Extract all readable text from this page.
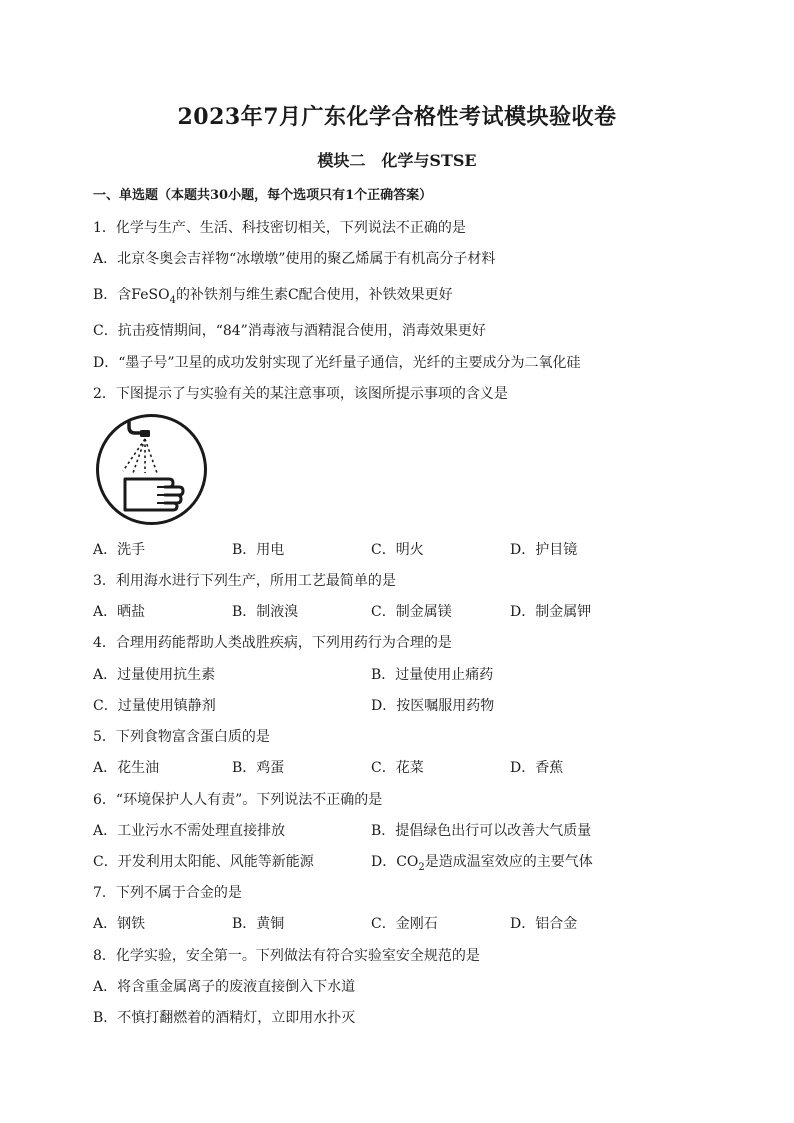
2023年7月广东化学合格性考试模块验收卷
模块二　化学与STSE
一、单选题（本题共30小题，每个选项只有1个正确答案）
1．化学与生产、生活、科技密切相关，下列说法不正确的是
A．北京冬奥会吉祥物“冰墩墩”使用的聚乙烯属于有机高分子材料
B．含FeSO$_4$的补铁剂与维生素C配合使用，补铁效果更好
C．抗击疫情期间，“84”消毒液与酒精混合使用，消毒效果更好
D．“墨子号”卫星的成功发射实现了光纤量子通信，光纤的主要成分为二氧化硅
2．下图提示了与实验有关的某注意事项，该图所提示事项的含义是
A．洗手	B．用电	C．明火	D．护目镜
3．利用海水进行下列生产，所用工艺最简单的是
A．晒盐	B．制液溴	C．制金属镁	D．制金属钾
4．合理用药能帮助人类战胜疾病，下列用药行为合理的是
A．过量使用抗生素	B．过量使用止痛药
C．过量使用镇静剂	D．按医嘱服用药物
5．下列食物富含蛋白质的是
A．花生油	B．鸡蛋	C．花菜	D．香蕉
6．“环境保护人人有责”。下列说法不正确的是
A．工业污水不需处理直接排放	B．提倡绿色出行可以改善大气质量
C．开发利用太阳能、风能等新能源	D．$CO_2$是造成温室效应的主要气体
7．下列不属于合金的是
A．钢铁	B．黄铜	C．金刚石	D．铝合金
8．化学实验，安全第一。下列做法有符合实验室安全规范的是
A．将含重金属离子的废液直接倒入下水道
B．不慎打翻燃着的酒精灯，立即用水扑灭
